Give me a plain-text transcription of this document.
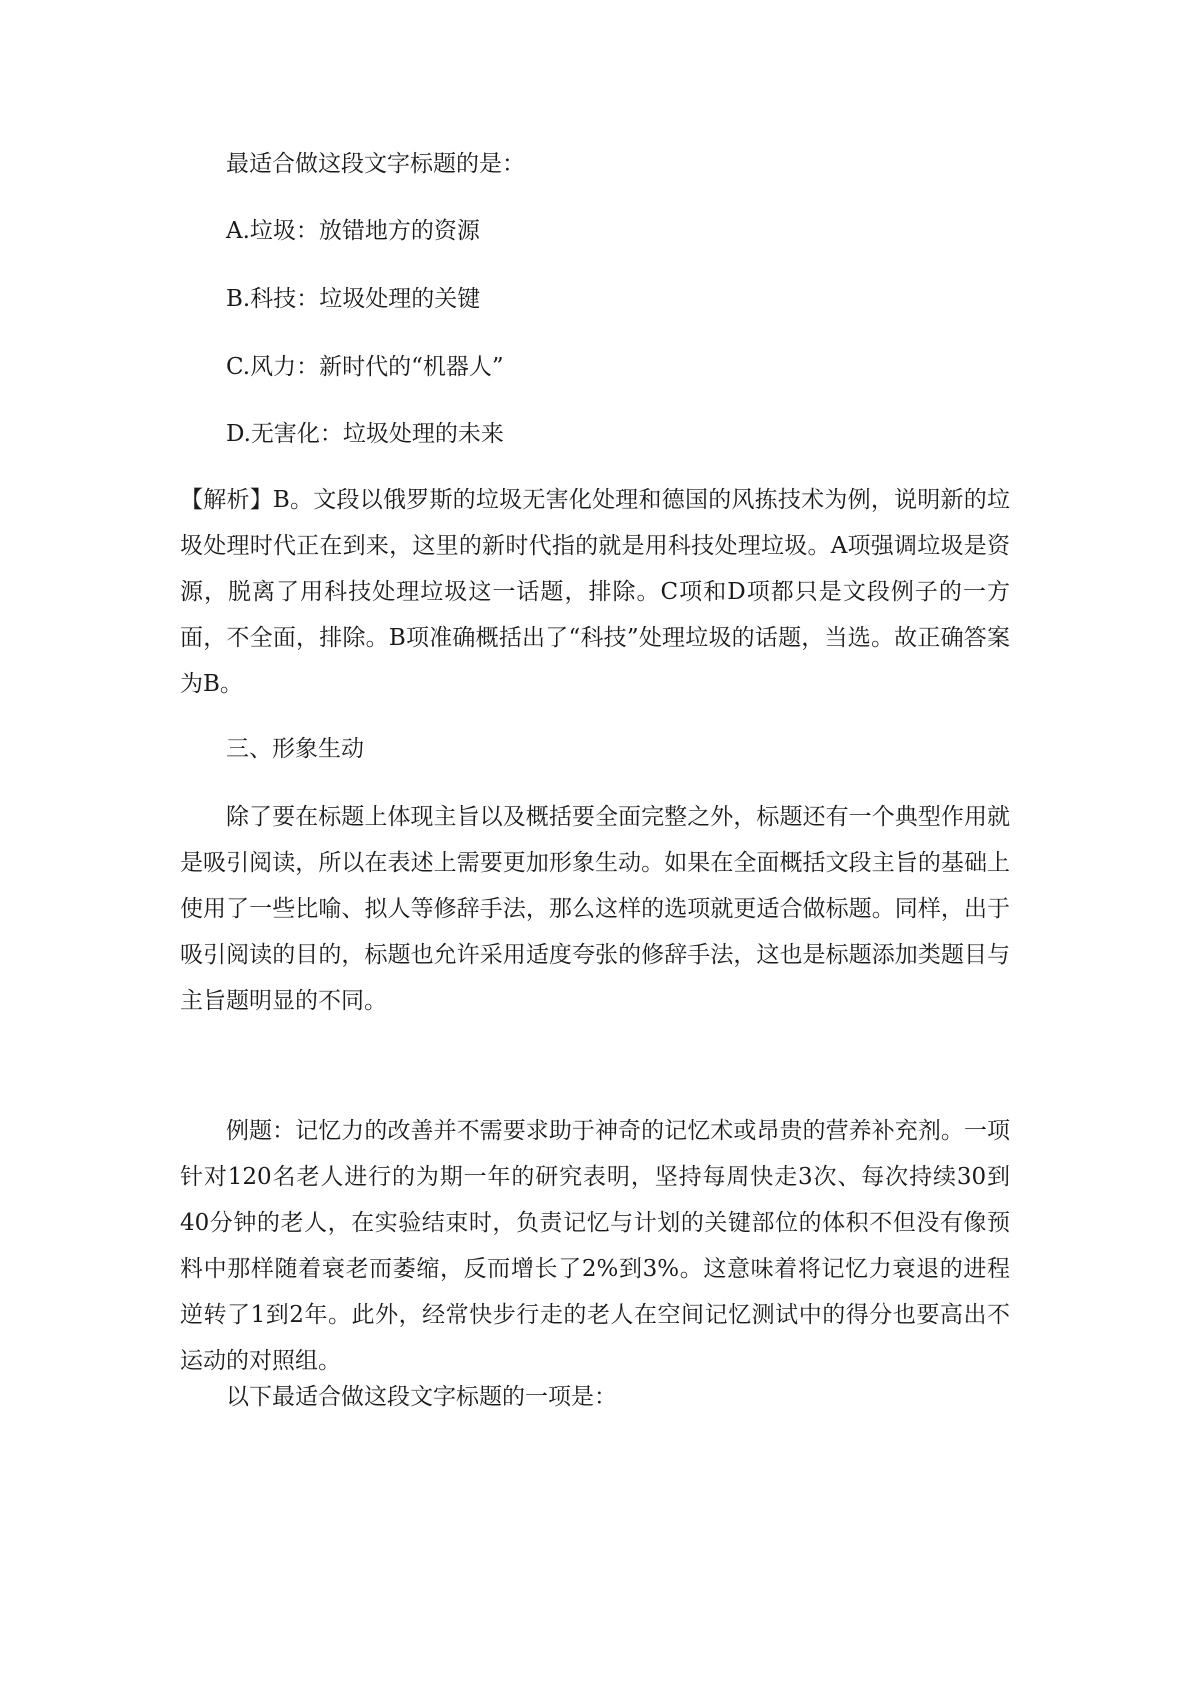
最适合做这段文字标题的是：

A.垃圾：放错地方的资源

B.科技：垃圾处理的关键

C.风力：新时代的“机器人”

D.无害化：垃圾处理的未来

【解析】B。文段以俄罗斯的垃圾无害化处理和德国的风拣技术为例，说明新的垃圾处理时代正在到来，这里的新时代指的就是用科技处理垃圾。A项强调垃圾是资源，脱离了用科技处理垃圾这一话题，排除。C项和D项都只是文段例子的一方面，不全面，排除。B项准确概括出了“科技”处理垃圾的话题，当选。故正确答案为B。

三、形象生动

除了要在标题上体现主旨以及概括要全面完整之外，标题还有一个典型作用就是吸引阅读，所以在表述上需要更加形象生动。如果在全面概括文段主旨的基础上使用了一些比喻、拟人等修辞手法，那么这样的选项就更适合做标题。同样，出于吸引阅读的目的，标题也允许采用适度夸张的修辞手法，这也是标题添加类题目与主旨题明显的不同。

例题：记忆力的改善并不需要求助于神奇的记忆术或昂贵的营养补充剂。一项针对120名老人进行的为期一年的研究表明，坚持每周快走3次、每次持续30到40分钟的老人，在实验结束时，负责记忆与计划的关键部位的体积不但没有像预料中那样随着衰老而萎缩，反而增长了2%到3%。这意味着将记忆力衰退的进程逆转了1到2年。此外，经常快步行走的老人在空间记忆测试中的得分也要高出不运动的对照组。

以下最适合做这段文字标题的一项是：
